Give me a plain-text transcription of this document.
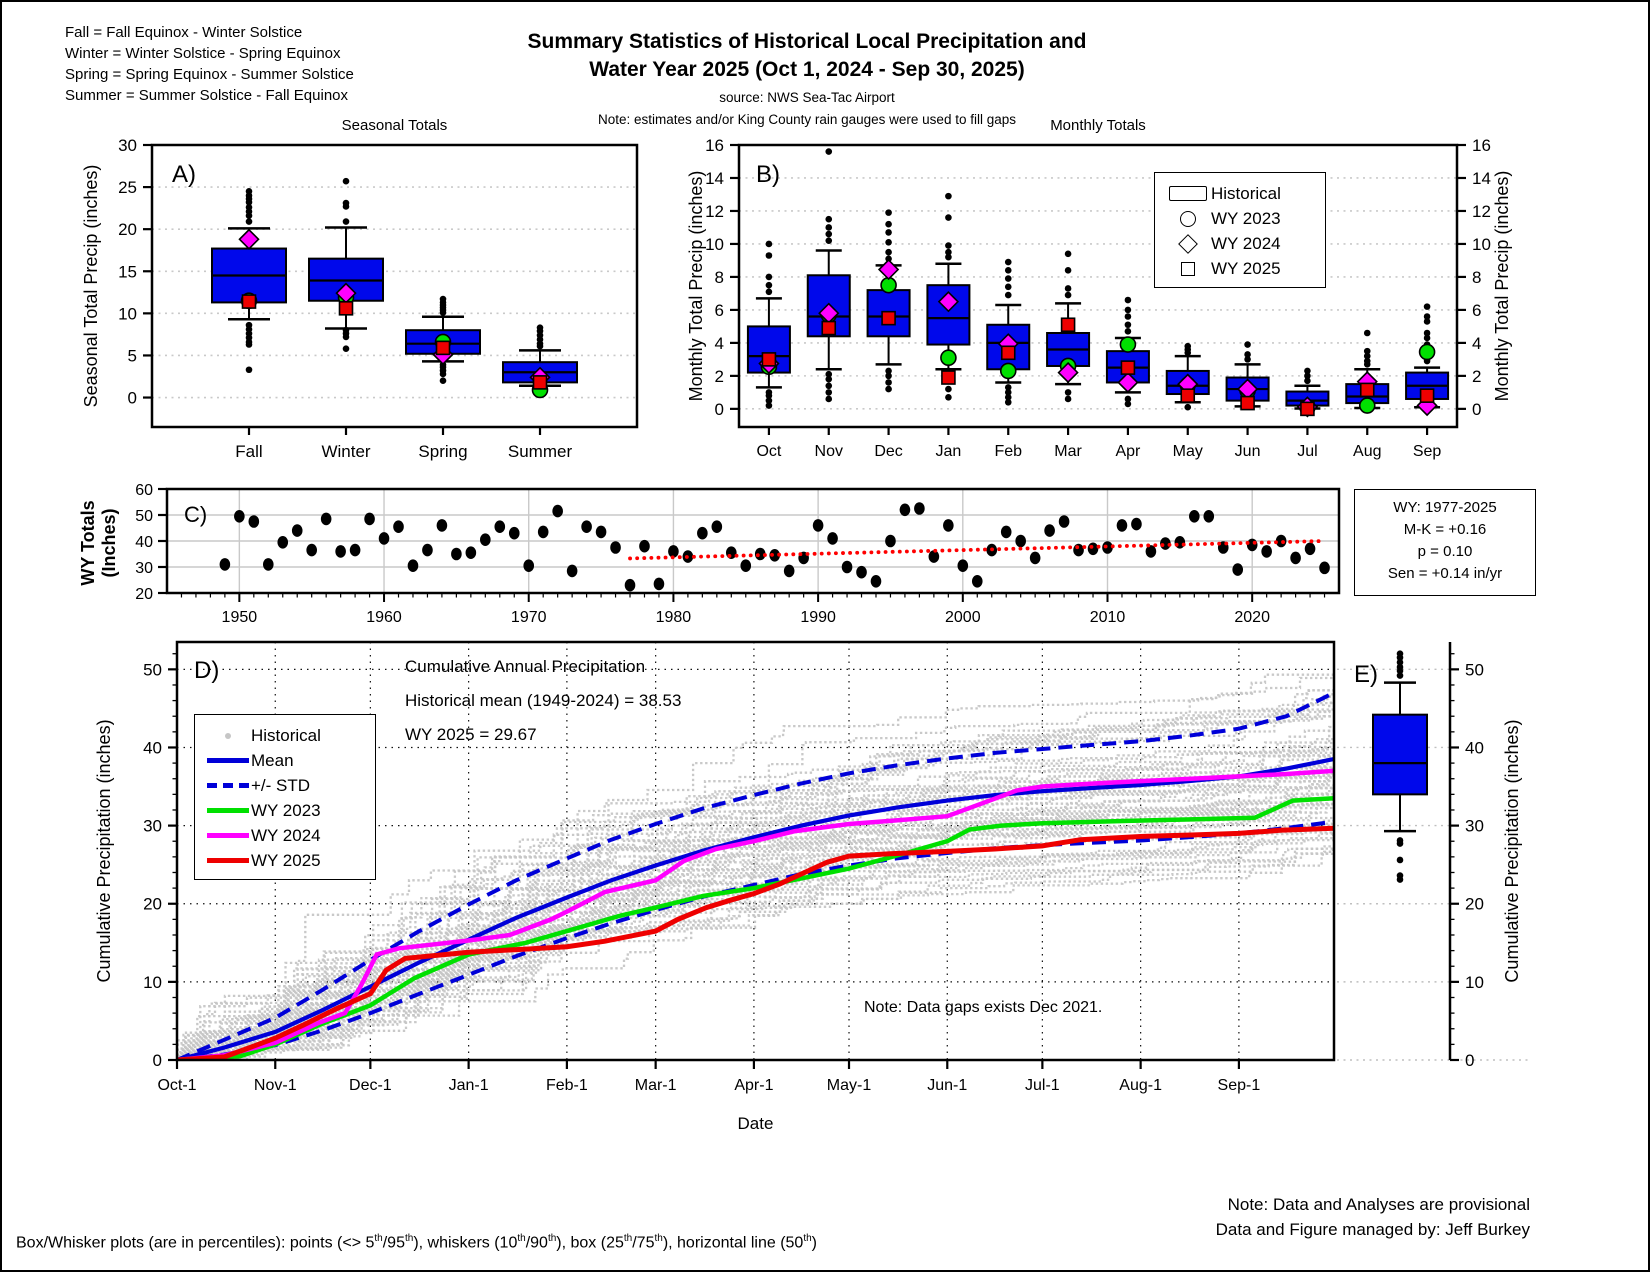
0
5
10
15
20
25
30
Fall	Winter	Spring Summer
Seasonal Total Precip (inches)	A)
0	0
2	2
4	4
6	6
8	8
10	10
12	12
14	14
16	16
Oct Nov Dec Jan Feb Mar Apr May Jun Jul Aug Sep
Monthly Total Precip (inches)	Monthly Total Precip (inches)
B)
1950	1960	1970	1980	1990	2000	2010	2020
20
30
40
50
60
WY Totals(Inches)	C)
0
10
20
30
40
50
Oct-1	Nov-1	Dec-1	Jan-1	Feb-1	Mar-1	Apr-1	May-1	Jun-1	Jul-1	Aug-1	Sep-1
Cumulative Precipitation (inches)
D)
0
10
20
30
40
50
Cumulative Precipitation (inches)
E)
Fall = Fall Equinox - Winter Solstice
Winter = Winter Solstice - Spring Equinox
Spring = Spring Equinox - Summer Solstice
Summer = Summer Solstice - Fall Equinox
Summary Statistics of Historical Local Precipitation and
Water Year 2025 (Oct 1, 2024 - Sep 30, 2025)
source: NWS Sea-Tac Airport
Note: estimates and/or King County rain gauges were used to fill gaps
Seasonal Totals	Monthly Totals
Historical
WY 2023
WY 2024
WY 2025
WY: 1977-2025
M-K = +0.16
p = 0.10
Sen = +0.14 in/yr
Historical
Mean
+/- STD
WY 2023
WY 2024
WY 2025
Cumulative Annual Precipitation
Historical mean (1949-2024) = 38.53
WY 2025 = 29.67
Note: Data gaps exists Dec 2021.
Date
Box/Whisker plots (are in percentiles): points (<> 5th/95th), whiskers (10th/90th), box (25th/75th), horizontal line (50th)
Note: Data and Analyses are provisional
Data and Figure managed by: Jeff Burkey
